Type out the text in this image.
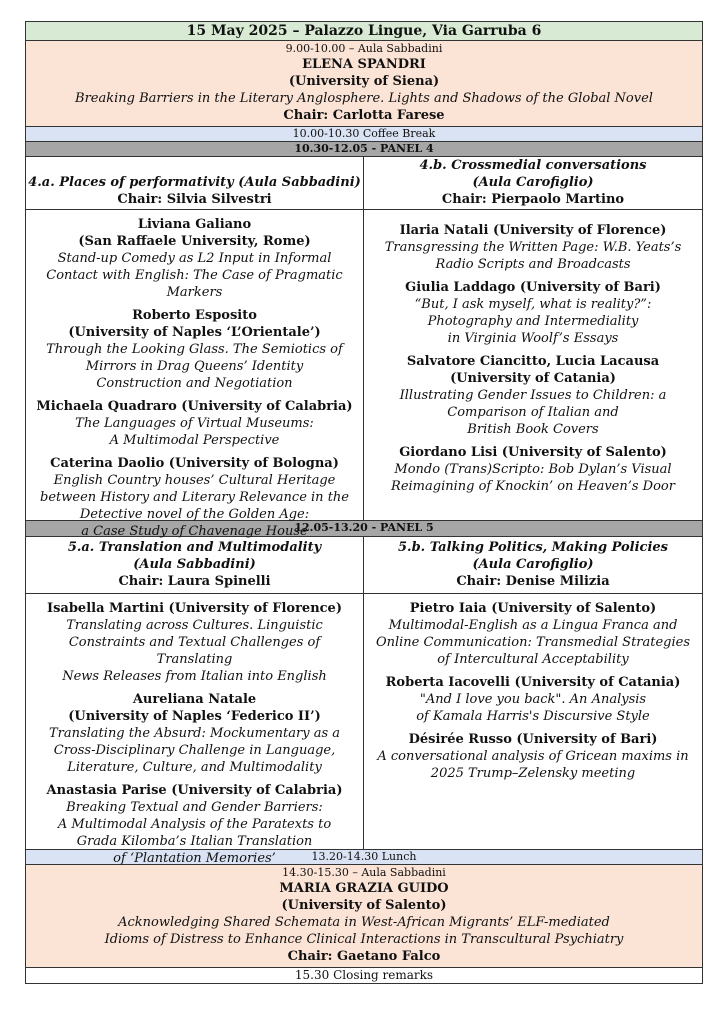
15 May 2025 – Palazzo Lingue, Via Garruba 6
9.00-10.00 – Aula Sabbadini
ELENA SPANDRI
(University of Siena)
Breaking Barriers in the Literary Anglosphere. Lights and Shadows of the Global Novel
Chair: Carlotta Farese
10.00-10.30 Coffee Break
10.30-12.05 - PANEL 4
4.a. Places of performativity (Aula Sabbadini)
Chair: Silvia Silvestri
4.b. Crossmedial conversations
(Aula Carofiglio)
Chair: Pierpaolo Martino
Liviana Galiano
(San Raffaele University, Rome)
Stand-up Comedy as L2 Input in Informal Contact with English: The Case of Pragmatic Markers
Roberto Esposito
(University of Naples ‘L’Orientale’)
Through the Looking Glass. The Semiotics of Mirrors in Drag Queens’ Identity
Construction and Negotiation
Michaela Quadraro (University of Calabria)
The Languages of Virtual Museums:
A Multimodal Perspective
Caterina Daolio (University of Bologna)
English Country houses’ Cultural Heritage between History and Literary Relevance in the Detective novel of the Golden Age:
a Case Study of Chavenage House
Ilaria Natali (University of Florence)
Transgressing the Written Page: W.B. Yeats’s Radio Scripts and Broadcasts
Giulia Laddago (University of Bari)
“But, I ask myself, what is reality?”:
Photography and Intermediality
in Virginia Woolf’s Essays
Salvatore Ciancitto, Lucia Lacausa
(University of Catania)
Illustrating Gender Issues to Children: a Comparison of Italian and
British Book Covers
Giordano Lisi (University of Salento)
Mondo (Trans)Scripto: Bob Dylan’s Visual Reimagining of Knockin’ on Heaven’s Door
12.05-13.20 - PANEL 5
5.a. Translation and Multimodality
(Aula Sabbadini)
Chair: Laura Spinelli
5.b. Talking Politics, Making Policies
(Aula Carofiglio)
Chair: Denise Milizia
Isabella Martini (University of Florence)
Translating across Cultures. Linguistic Constraints and Textual Challenges of Translating
News Releases from Italian into English
Aureliana Natale
(University of Naples ‘Federico II’)
Translating the Absurd: Mockumentary as a Cross-Disciplinary Challenge in Language, Literature, Culture, and Multimodality
Anastasia Parise (University of Calabria)
Breaking Textual and Gender Barriers:
A Multimodal Analysis of the Paratexts to
Grada Kilomba’s Italian Translation
of ‘Plantation Memories’
Pietro Iaia (University of Salento)
Multimodal-English as a Lingua Franca and Online Communication: Transmedial Strategies of Intercultural Acceptability
Roberta Iacovelli (University of Catania)
"And I love you back". An Analysis
of Kamala Harris's Discursive Style
Désirée Russo (University of Bari)
A conversational analysis of Gricean maxims in 2025 Trump–Zelensky meeting
13.20-14.30 Lunch
14.30-15.30 – Aula Sabbadini
MARIA GRAZIA GUIDO
(University of Salento)
Acknowledging Shared Schemata in West-African Migrants’ ELF-mediated
Idioms of Distress to Enhance Clinical Interactions in Transcultural Psychiatry
Chair: Gaetano Falco
15.30 Closing remarks
